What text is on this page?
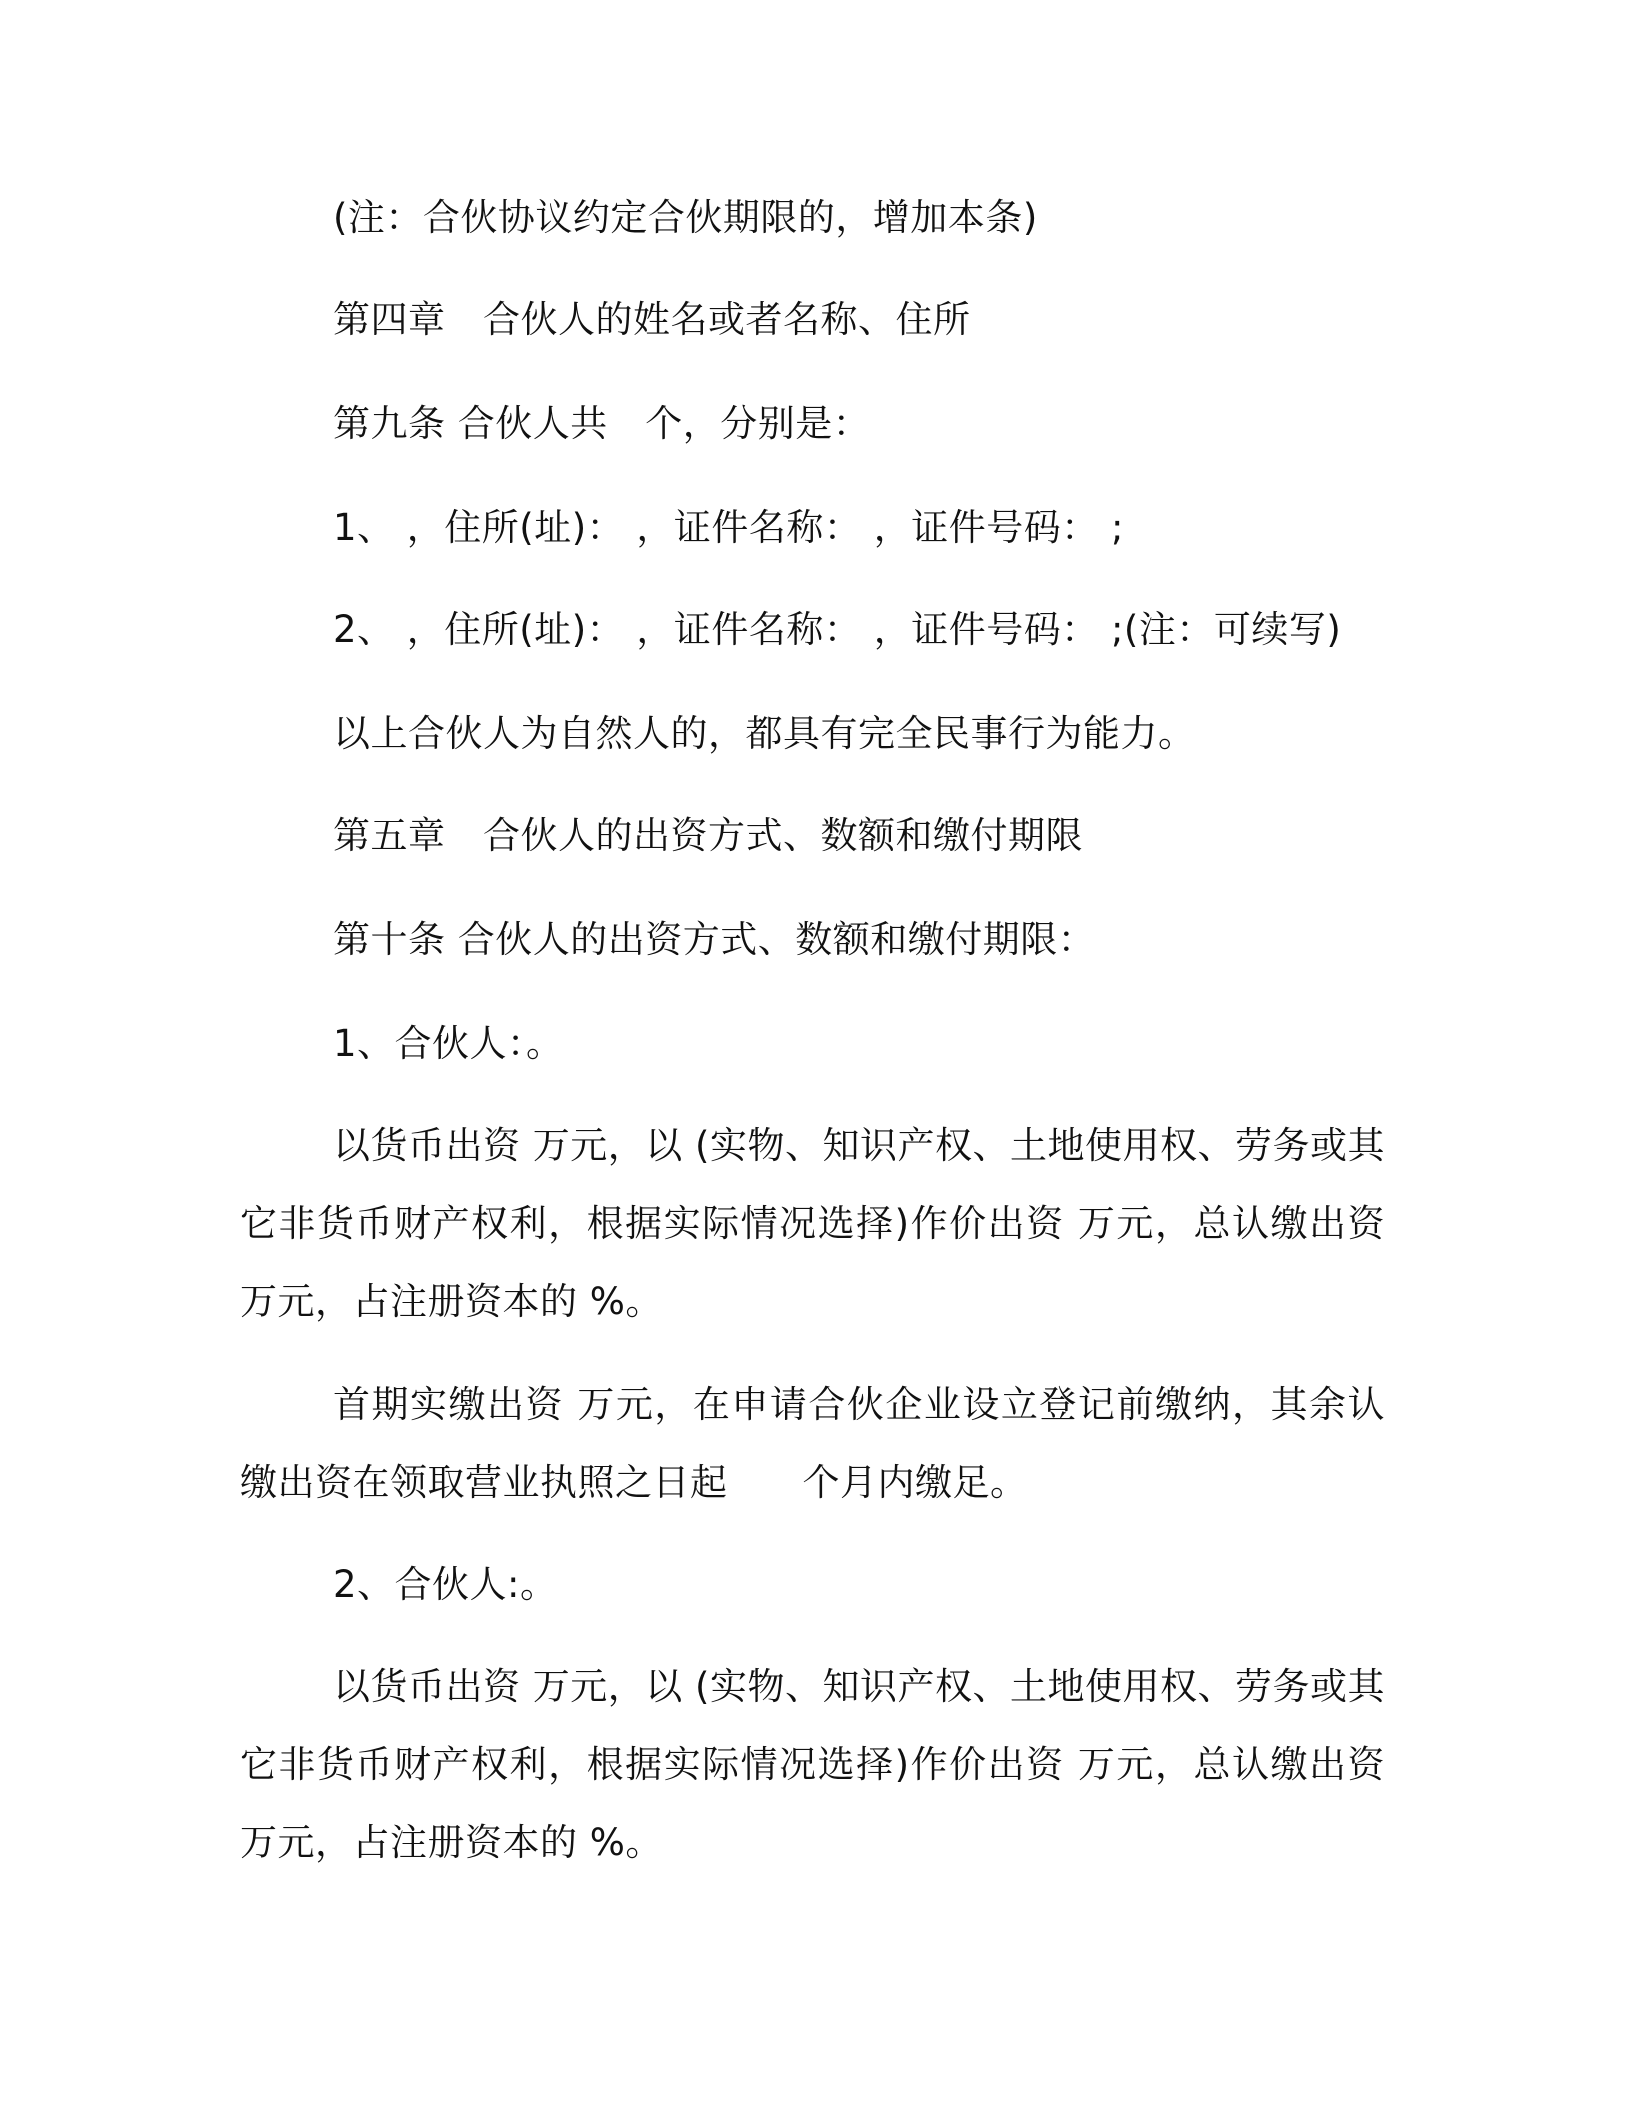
(注：合伙协议约定合伙期限的，增加本条)
第四章　合伙人的姓名或者名称、住所
第九条 合伙人共　个，分别是：
1、 ，住所(址)： ，证件名称： ，证件号码： ;
2、 ，住所(址)： ，证件名称： ，证件号码： ;(注：可续写)
以上合伙人为自然人的，都具有完全民事行为能力。
第五章　合伙人的出资方式、数额和缴付期限
第十条 合伙人的出资方式、数额和缴付期限：
1、合伙人：。
以货币出资 万元，以 (实物、知识产权、土地使用权、劳务或其它非货币财产权利，根据实际情况选择)作价出资 万元，总认缴出资 万元，占注册资本的 %。
首期实缴出资 万元，在申请合伙企业设立登记前缴纳，其余认缴出资在领取营业执照之日起　　个月内缴足。
2、合伙人:。
以货币出资 万元，以 (实物、知识产权、土地使用权、劳务或其它非货币财产权利，根据实际情况选择)作价出资 万元，总认缴出资 万元，占注册资本的 %。
